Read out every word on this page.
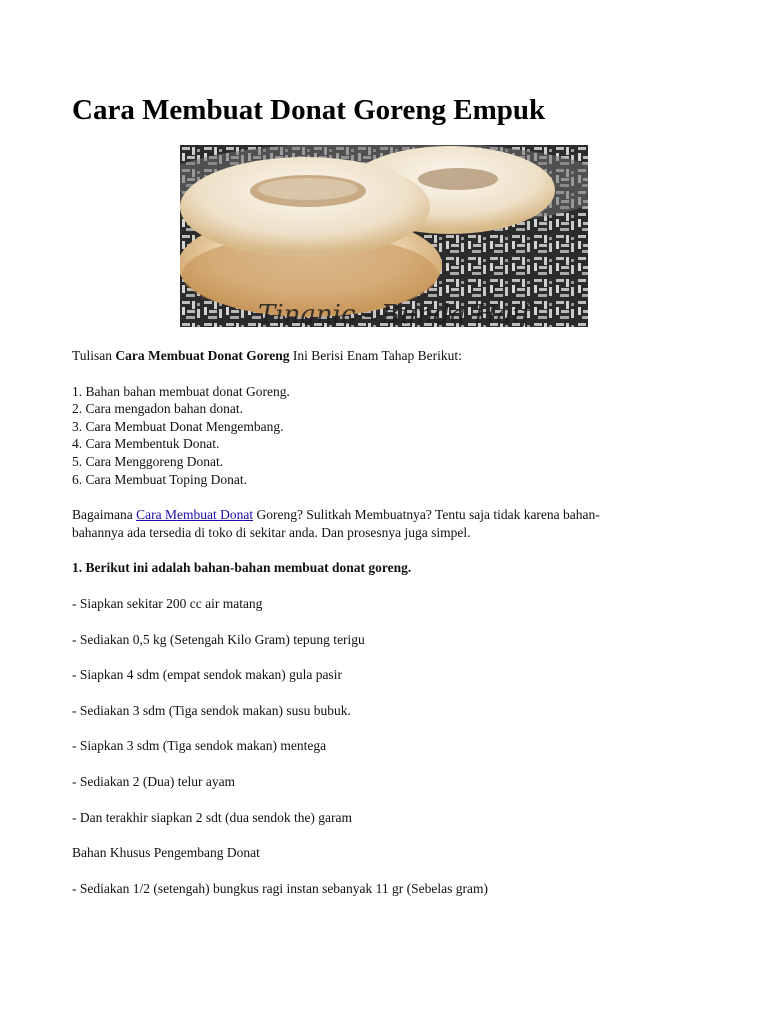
Cara Membuat Donat Goreng Empuk
Tinanic - Bunda Haif

Tulisan Cara Membuat Donat Goreng Ini Berisi Enam Tahap Berikut:

1. Bahan bahan membuat donat Goreng.

2. Cara mengadon bahan donat.

3. Cara Membuat Donat Mengembang.

4. Cara Membentuk Donat.

5. Cara Menggoreng Donat.

6. Cara Membuat Toping Donat.

Bagaimana Cara Membuat Donat Goreng? Sulitkah Membuatnya? Tentu saja tidak karena bahan-
bahannya ada tersedia di toko di sekitar anda. Dan prosesnya juga simpel.

1. Berikut ini adalah bahan-bahan membuat donat goreng.

- Siapkan sekitar 200 cc air matang

- Sediakan 0,5 kg (Setengah Kilo Gram) tepung terigu

- Siapkan 4 sdm (empat sendok makan) gula pasir

- Sediakan 3 sdm (Tiga sendok makan) susu bubuk.

- Siapkan 3 sdm (Tiga sendok makan) mentega

- Sediakan 2 (Dua) telur ayam

- Dan terakhir siapkan 2 sdt (dua sendok the) garam

Bahan Khusus Pengembang Donat

- Sediakan 1/2 (setengah) bungkus ragi instan sebanyak 11 gr (Sebelas gram)
